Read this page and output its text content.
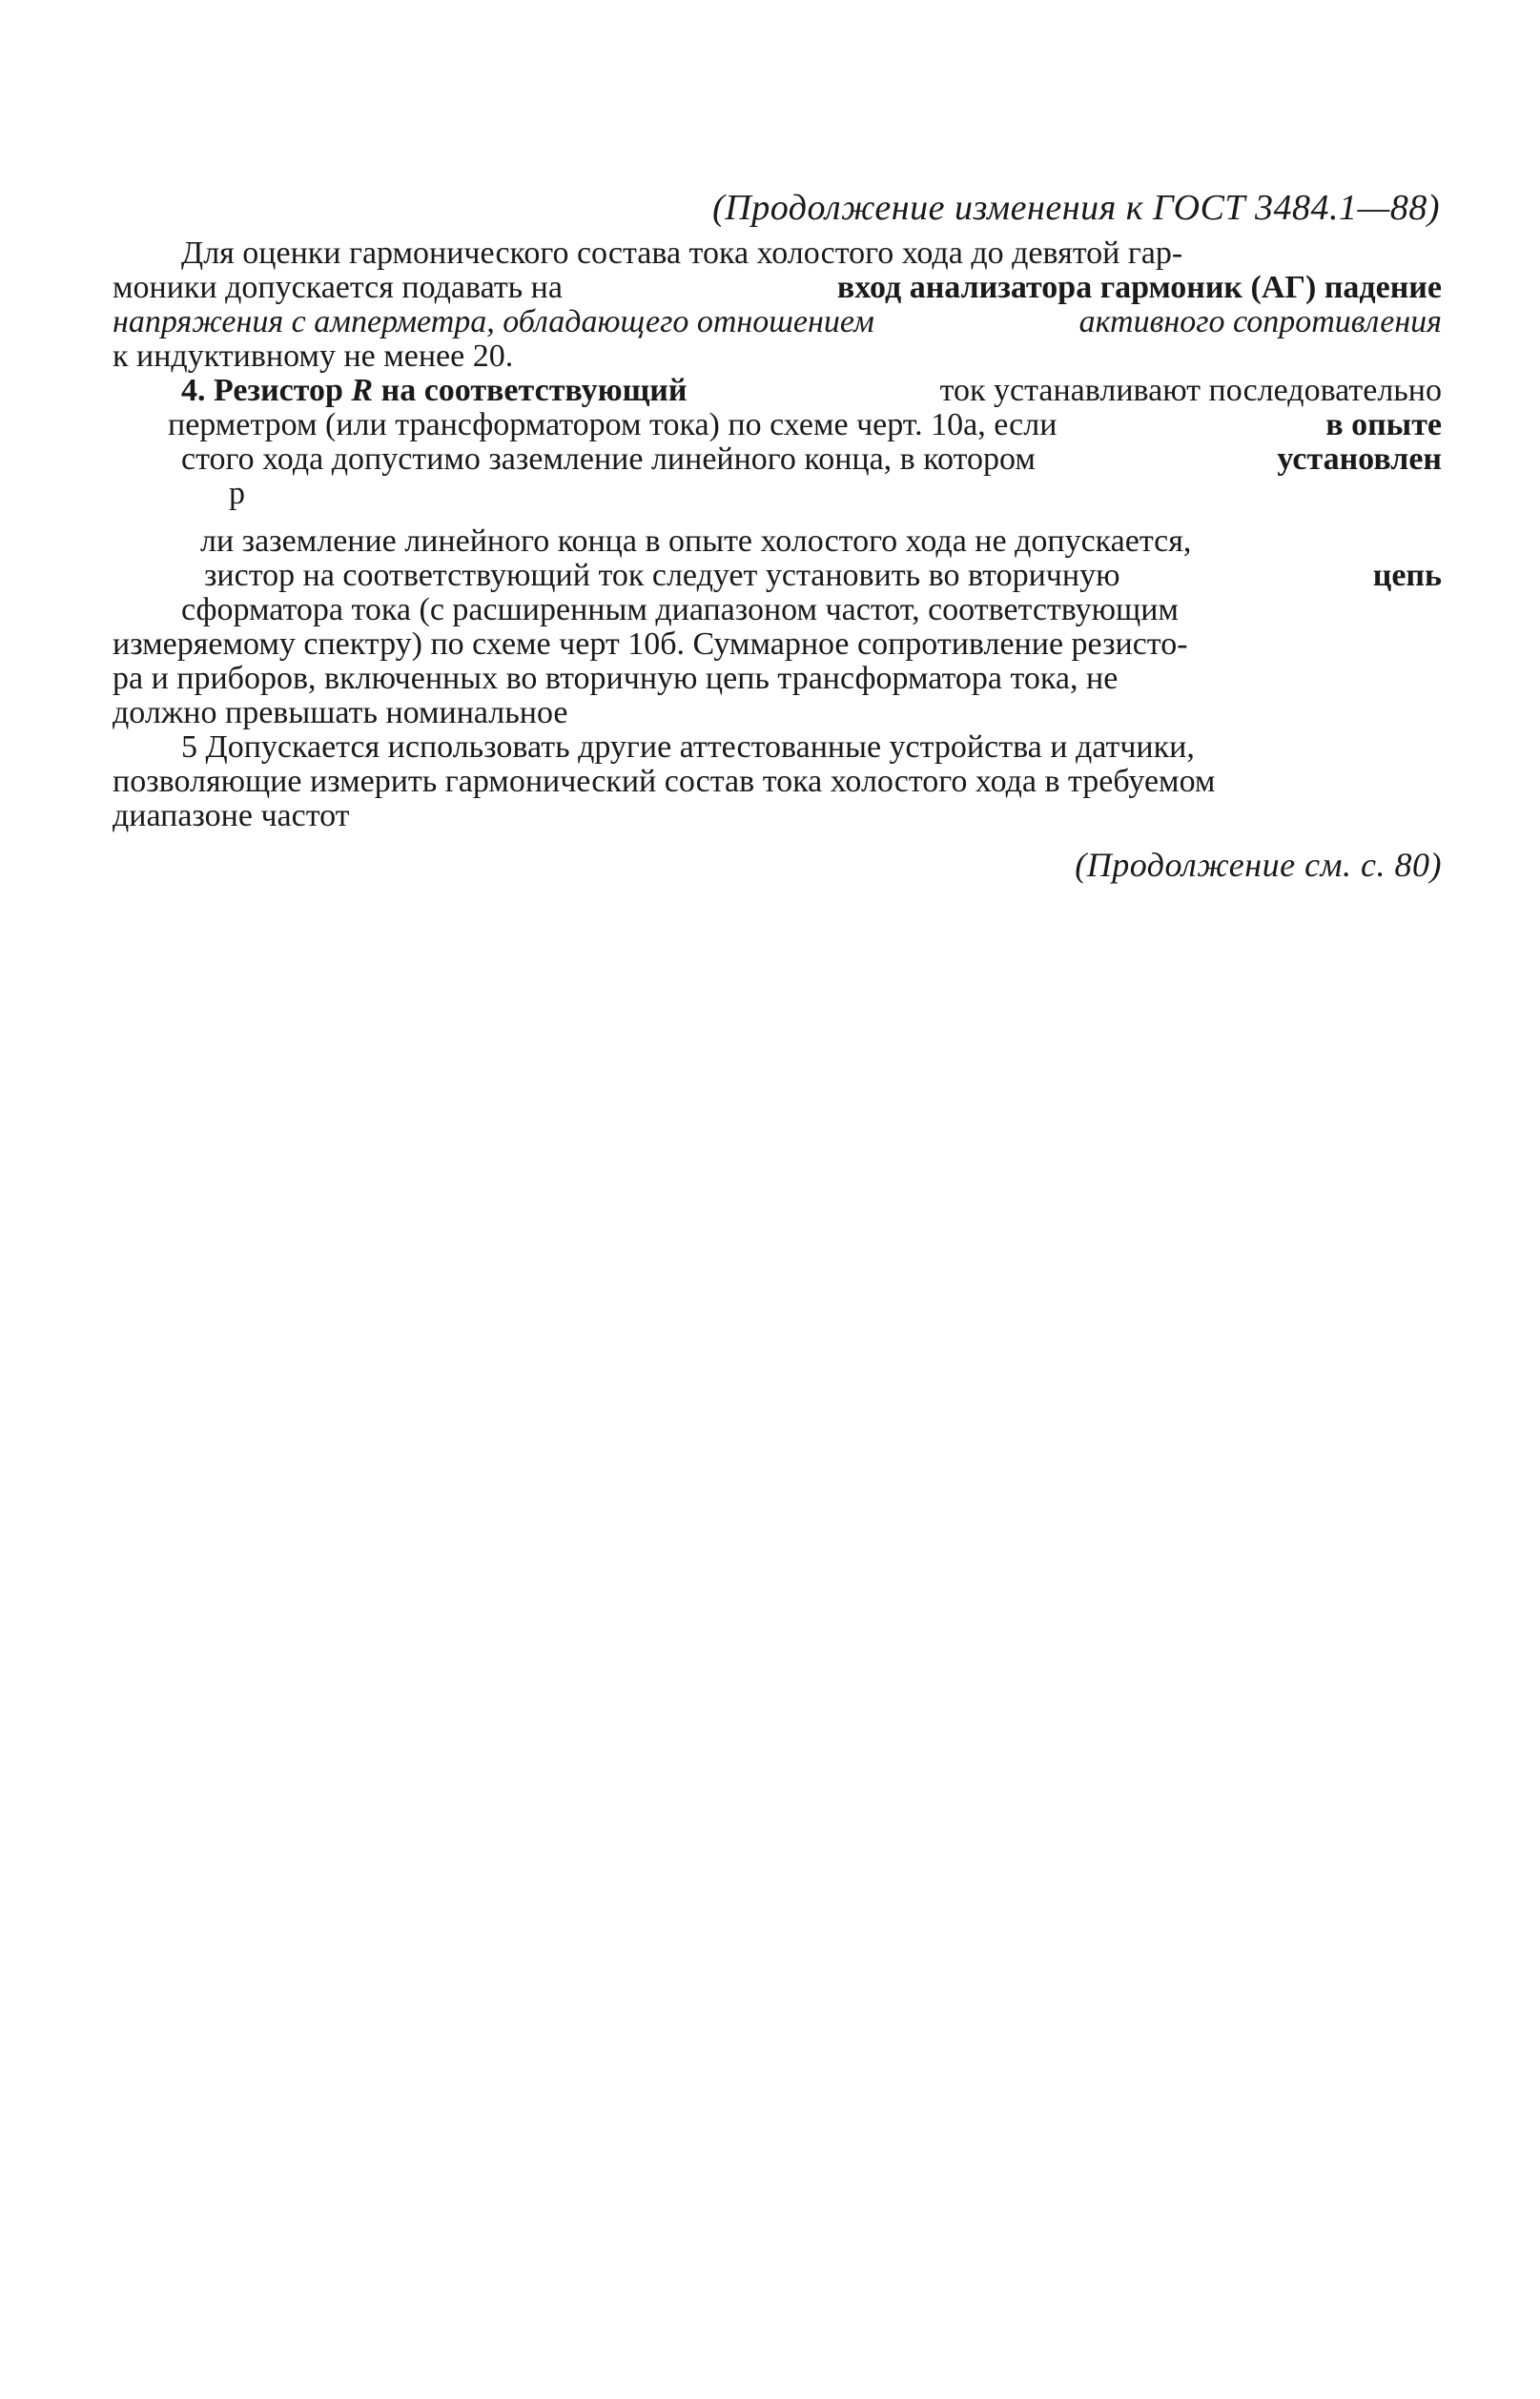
(Продолжение изменения к ГОСТ 3484.1—88)
Для оценки гармонического состава тока холостого хода до девятой гар-
моники допускается подавать на	вход анализатора гармоник (АГ) падение
напряжения с амперметра, обладающего отношением	активного сопротивления
к индуктивному не менее 20.
4. Резистор R на соответствующий	ток устанавливают последовательно
перметром (или трансформатором тока) по схеме черт. 10а, если	в опыте
стого хода допустимо заземление линейного конца, в котором	установлен
р
ли заземление линейного конца в опыте холостого хода не допускается,
зистор на соответствующий ток следует установить во вторичную	цепь
сформатора тока (с расширенным диапазоном частот, соответствующим
измеряемому спектру) по схеме черт 10б. Суммарное сопротивление резисто-
ра и приборов, включенных во вторичную цепь трансформатора тока, не
должно превышать номинальное
5 Допускается использовать другие аттестованные устройства и датчики,
позволяющие измерить гармонический состав тока холостого хода в требуемом
диапазоне частот
(Продолжение см. с. 80)
